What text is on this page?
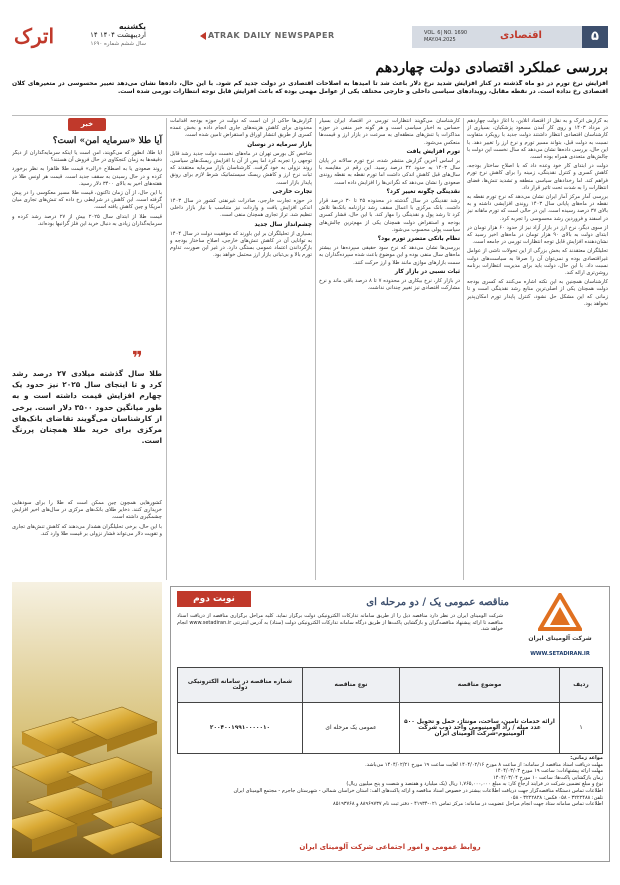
اترک	یکشنبه
۱۴ اردیبهشت ۱۴۰۴
سال ششم شماره ۱۶۹۰
ATRAK DAILY NEWSPAPER	VOL. 6| NO. 1690
MAY.04.2025	اقتصادی	۵
بررسی عملکرد اقتصادی دولت چهاردهم
افزایش نرخ تورم در دو ماه گذشته در کنار افزایش شدید نرخ دلار باعث شد تا امیدها به اصلاحات اقتصادی در دولت جدید کم شود. با این حال، داده‌ها نشان می‌دهد تغییر محسوسی در متغیرهای کلان اقتصادی رخ نداده است. در نقطه مقابل، رویدادهای سیاسی داخلی و خارجی مختلف یکی از عوامل مهمی بوده که باعث افزایش قابل توجه انتظارات تورمی شده است.

به گزارش اترک و به نقل از اقتصاد آنلاین، با آغاز دولت چهاردهم در مرداد ۱۴۰۳ و روی کار آمدن مسعود پزشکیان، بسیاری از کارشناسان اقتصادی انتظار داشتند دولت جدید با رویکرد متفاوت نسبت به دولت قبل، بتواند مسیر تورم و نرخ ارز را تغییر دهد. با این حال، بررسی داده‌ها نشان می‌دهد که سال نخست این دولت با چالش‌های متعددی همراه بوده است.

دولت در ابتدای کار خود وعده داد که با اصلاح ساختار بودجه، کاهش کسری و کنترل نقدینگی، زمینه را برای کاهش نرخ تورم فراهم کند. اما رخدادهای سیاسی منطقه و تشدید تنش‌ها، فضای انتظارات را به شدت تحت تاثیر قرار داد.

بررسی آمار مرکز آمار ایران نشان می‌دهد که نرخ تورم نقطه به نقطه در ماه‌های پایانی سال ۱۴۰۳ روندی افزایشی داشته و به بالای ۳۷ درصد رسیده است. این در حالی است که تورم ماهانه نیز در اسفند و فروردین رشد محسوسی را تجربه کرد.

از سوی دیگر، نرخ ارز در بازار آزاد نیز از حدود ۶۰ هزار تومان در ابتدای دولت به بالای ۹۰ هزار تومان در ماه‌های اخیر رسید که نشان‌دهنده افزایش قابل توجه انتظارات تورمی در جامعه است.

تحلیلگران معتقدند که بخش بزرگی از این تحولات ناشی از عوامل غیراقتصادی بوده و نمی‌توان آن را صرفا به سیاست‌های دولت نسبت داد. با این حال، دولت باید برای مدیریت انتظارات برنامه روشن‌تری ارائه کند.

کارشناسان همچنین به این نکته اشاره می‌کنند که کسری بودجه دولت همچنان یکی از اصلی‌ترین منابع رشد نقدینگی است و تا زمانی که این مشکل حل نشود، کنترل پایدار تورم امکان‌پذیر نخواهد بود.

کارشناسان می‌گویند انتظارات تورمی در اقتصاد ایران بسیار حساس به اخبار سیاسی است و هر گونه خبر منفی در حوزه مذاکرات یا تنش‌های منطقه‌ای به سرعت در بازار ارز و قیمت‌ها منعکس می‌شود.

تورم افزایش یافت

بر اساس آخرین گزارش منتشر شده، نرخ تورم سالانه در پایان سال ۱۴۰۳ به حدود ۳۲ درصد رسید. این رقم در مقایسه با سال‌های قبل کاهش اندکی داشت اما تورم نقطه به نقطه روندی صعودی را نشان می‌دهد که نگرانی‌ها را افزایش داده است.

نقدینگی چگونه تغییر کرد؟

رشد نقدینگی در سال گذشته در محدوده ۲۵ تا ۳۰ درصد قرار داشت. بانک مرکزی با اعمال سقف رشد ترازنامه بانک‌ها تلاش کرد تا رشد پول و نقدینگی را مهار کند. با این حال، فشار کسری بودجه و استقراض دولت همچنان یکی از مهم‌ترین چالش‌های سیاست پولی محسوب می‌شود.

نظام بانکی متضرر تورم بود؟

بررسی‌ها نشان می‌دهد که نرخ سود حقیقی سپرده‌ها در بیشتر ماه‌های سال منفی بوده و این موضوع باعث شده سپرده‌گذاران به سمت بازارهای موازی مانند طلا و ارز حرکت کنند.

ثبات نسبی در بازار کار

در بازار کار، نرخ بیکاری در محدوده ۷ تا ۸ درصد باقی ماند و نرخ مشارکت اقتصادی نیز تغییر چندانی نداشت.

گزارش‌ها حاکی از آن است که دولت در حوزه بودجه اقدامات محدودی برای کاهش هزینه‌های جاری انجام داده و بخش عمده کسری از طریق انتشار اوراق و استقراض تامین شده است.

بازار سرمایه در نوسان

شاخص کل بورس تهران در ماه‌های نخست دولت جدید رشد قابل توجهی را تجربه کرد اما پس از آن با افزایش ریسک‌های سیاسی، روند نزولی به خود گرفت. کارشناسان بازار سرمایه معتقدند که ثبات نرخ ارز و کاهش ریسک سیستماتیک شرط لازم برای رونق پایدار بازار است.

تجارت خارجی

در حوزه تجارت خارجی، صادرات غیرنفتی کشور در سال ۱۴۰۳ اندکی افزایش یافت و واردات نیز متناسب با نیاز بازار داخلی تنظیم شد. تراز تجاری همچنان منفی است.

چشم‌انداز سال جدید

بسیاری از تحلیلگران بر این باورند که موفقیت دولت در سال ۱۴۰۴ به توانایی آن در کاهش تنش‌های خارجی، اصلاح ساختار بودجه و بازگرداندن اعتماد عمومی بستگی دارد. در غیر این صورت، تداوم تورم بالا و بی‌ثباتی بازار ارز محتمل خواهد بود.

خبر
آیا طلا «سرمایه امن» است؟

آیا طلا، آنطور که می‌گویند، امن است یا اینکه سرمایه‌گذاران از دیگر دقیقه‌ها به زمان کنجکاوی در حال فروش آن هستند؟

روند صعودی یا به اصطلاح «رالی» قیمت طلا ظاهرا به نظر برخورد کرده و در حال رسیدن به سقف جدید است. قیمت هر اونس طلا در هفته‌های اخیر به بالای ۳۴۰۰ دلار رسید.

با این حال، از آن زمان تاکنون، قیمت طلا مسیر معکوسی را در پیش گرفته است. این کاهش در شرایطی رخ داده که تنش‌های تجاری میان آمریکا و چین کاهش یافته است.

قیمت طلا از ابتدای سال ۲۰۲۵ بیش از ۲۷ درصد رشد کرده و سرمایه‌گذاران زیادی به دنبال خرید این فلز گرانبها بوده‌اند.

❞
طلا سال گذشته میلادی ۲۷ درصد رشد کرد و تا اینجای سال ۲۰۲۵ نیز حدود یک چهارم افزایش قیمت داشته است و به طور میانگین حدود ۳۵۰۰ دلار است. برخی از کارشناسان می‌گویند تقاضای بانک‌های مرکزی برای خرید طلا همچنان پررنگ است.

کشورهایی همچون چین ممکن است که طلا را برای سودهایی خریداری کنند. ذخایر طلای بانک‌های مرکزی در سال‌های اخیر افزایش چشمگیری داشته است.

با این حال، برخی تحلیلگران هشدار می‌دهند که کاهش تنش‌های تجاری و تقویت دلار می‌تواند فشار نزولی بر قیمت طلا وارد کند.

نوبت دوم	مناقصه عمومی یک / دو مرحله ای
شرکت آلومینای ایران
شرکت آلومینای ایران در نظر دارد مناقصه ذیل را از طریق سامانه تدارکات الکترونیکی دولت برگزار نماید. کلیه مراحل برگزاری مناقصه از دریافت اسناد مناقصه تا ارائه پیشنهاد مناقصه‌گران و بازگشایی پاکت‌ها از طریق درگاه سامانه تدارکات الکترونیکی دولت (ستاد) به آدرس اینترنتی www.setadiran.ir انجام خواهد شد.
WWW.SETADIRAN.IR
ردیف	موضوع مناقصه	نوع مناقصه	شماره مناقصه در سامانه الکترونیکی دولت
۱	ارائه خدمات تامین، ساخت، مونتاژ، حمل و تحویل ۵۰۰ عدد میله / راد آلومینیومی واحد ذوب شرکت آلومینیوم-شرکت آلومینای ایران	عمومی یک مرحله ای	۲۰۰۴۰۰۱۹۹۱۰۰۰۰۰۱۰
مواعد زمانی:
مهلت دریافت اسناد مناقصه از سامانه: از ساعت ۸ مورخ ۱۴۰۴/۰۲/۱۶ لغایت ساعت ۱۹ مورخ ۱۴۰۴/۰۲/۲۱ می‌باشد.
مهلت ارائه پیشنهادات: ساعت ۱۹ مورخ ۱۴۰۴/۰۳/۰۳
زمان بازگشایی پاکت‌ها: ساعت ۱۰ مورخ ۱۴۰۴/۰۳/۰۴
نوع و مبلغ تضمین شرکت در فرایند ارجاع کار: به مبلغ ۱,۷۶۵,۰۰۰,۰۰۰ ریال (یک میلیارد و هفتصد و شصت و پنج میلیون ریال)
اطلاعات تماس دستگاه مناقصه‌گزار جهت دریافت اطلاعات بیشتر در خصوص اسناد مناقصه و ارائه پاکت‌های الف: استان خراسان شمالی - شهرستان جاجرم - مجتمع آلومینای ایران
تلفن: ۳۲۲۲۴۸۸ - ۰۵۸ فکس: ۳۲۲۲۸۲۸ - ۰۵۸
اطلاعات تماس سامانه ستاد جهت انجام مراحل عضویت در سامانه: مرکز تماس ۰۲۱-۴۱۹۳۴ - دفتر ثبت نام ۸۸۹۶۹۷۳۷ و ۸۵۱۹۳۷۶۸
روابط عمومی و امور اجتماعی شرکت آلومینای ایران
